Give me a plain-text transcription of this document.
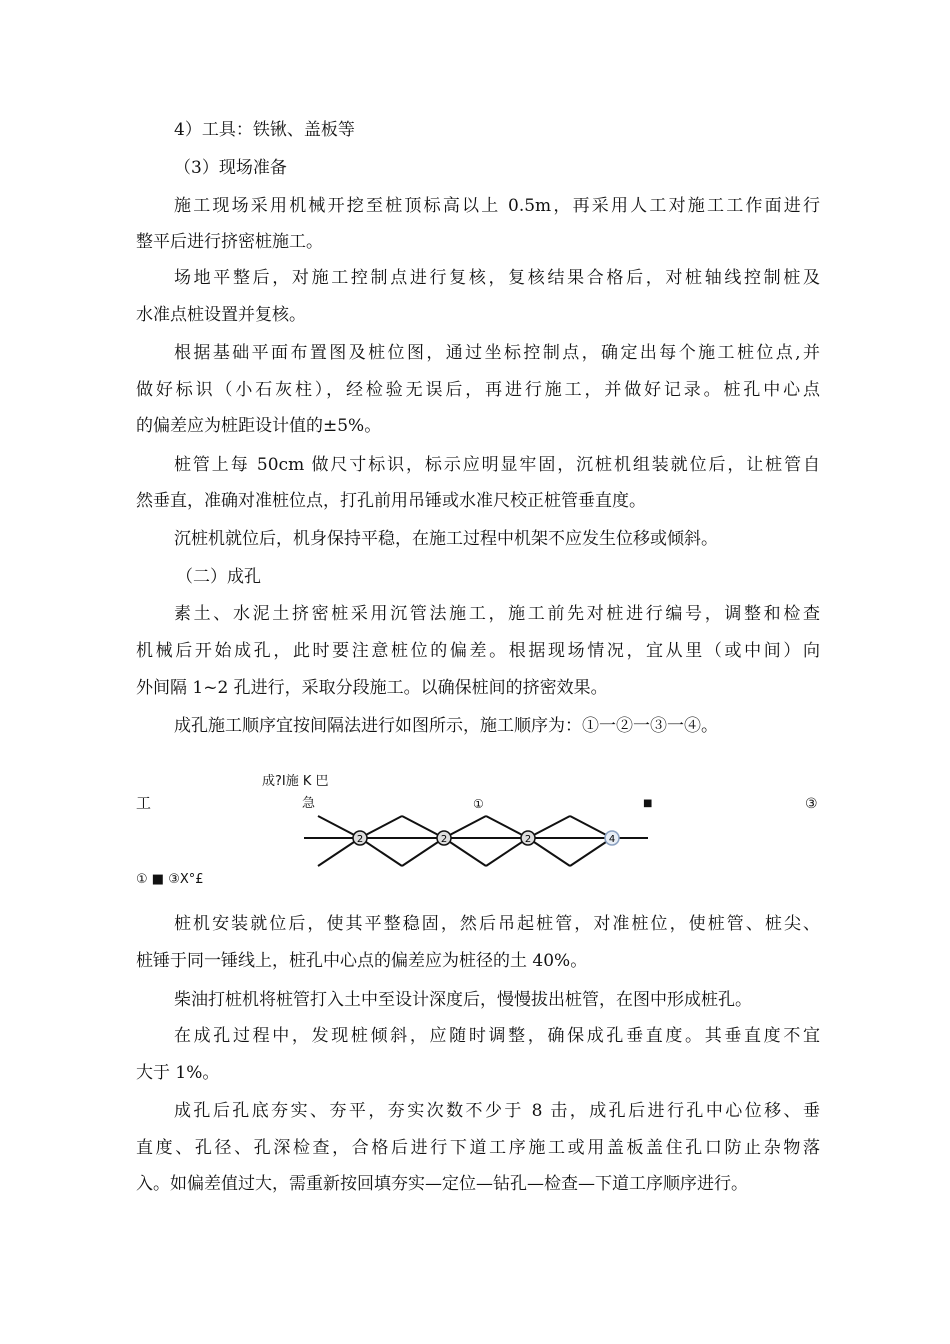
4）工具：铁锹、盖板等
（3）现场准备
施工现场采用机械开挖至桩顶标高以上 0.5m，再采用人工对施工工作面进行
整平后进行挤密桩施工。
场地平整后，对施工控制点进行复核，复核结果合格后，对桩轴线控制桩及
水准点桩设置并复核。
根据基础平面布置图及桩位图，通过坐标控制点，确定出每个施工桩位点,并
做好标识（小石灰柱），经检验无误后，再进行施工，并做好记录。桩孔中心点
的偏差应为桩距设计值的±5%。
桩管上每 50cm 做尺寸标识，标示应明显牢固，沉桩机组装就位后，让桩管自
然垂直，准确对准桩位点，打孔前用吊锤或水准尺校正桩管垂直度。
沉桩机就位后，机身保持平稳，在施工过程中机架不应发生位移或倾斜。
（二）成孔
素土、水泥土挤密桩采用沉管法施工，施工前先对桩进行编号，调整和检查
机械后开始成孔，此时要注意桩位的偏差。根据现场情况，宜从里（或中间）向
外间隔 1~2 孔进行，采取分段施工。以确保桩间的挤密效果。
成孔施工顺序宜按间隔法进行如图所示，施工顺序为：①一②一③一④。
成?I施 K 巴
工	急	①	■	③
2	2	2	4
① ■ ③X°£
桩机安装就位后，使其平整稳固，然后吊起桩管，对准桩位，使桩管、桩尖、
桩锤于同一锤线上，桩孔中心点的偏差应为桩径的土 40%。
柴油打桩机将桩管打入土中至设计深度后，慢慢拔出桩管，在图中形成桩孔。
在成孔过程中，发现桩倾斜，应随时调整，确保成孔垂直度。其垂直度不宜
大于 1%。
成孔后孔底夯实、夯平，夯实次数不少于 8 击，成孔后进行孔中心位移、垂
直度、孔径、孔深检查，合格后进行下道工序施工或用盖板盖住孔口防止杂物落
入。如偏差值过大，需重新按回填夯实—定位—钻孔—检查—下道工序顺序进行。
